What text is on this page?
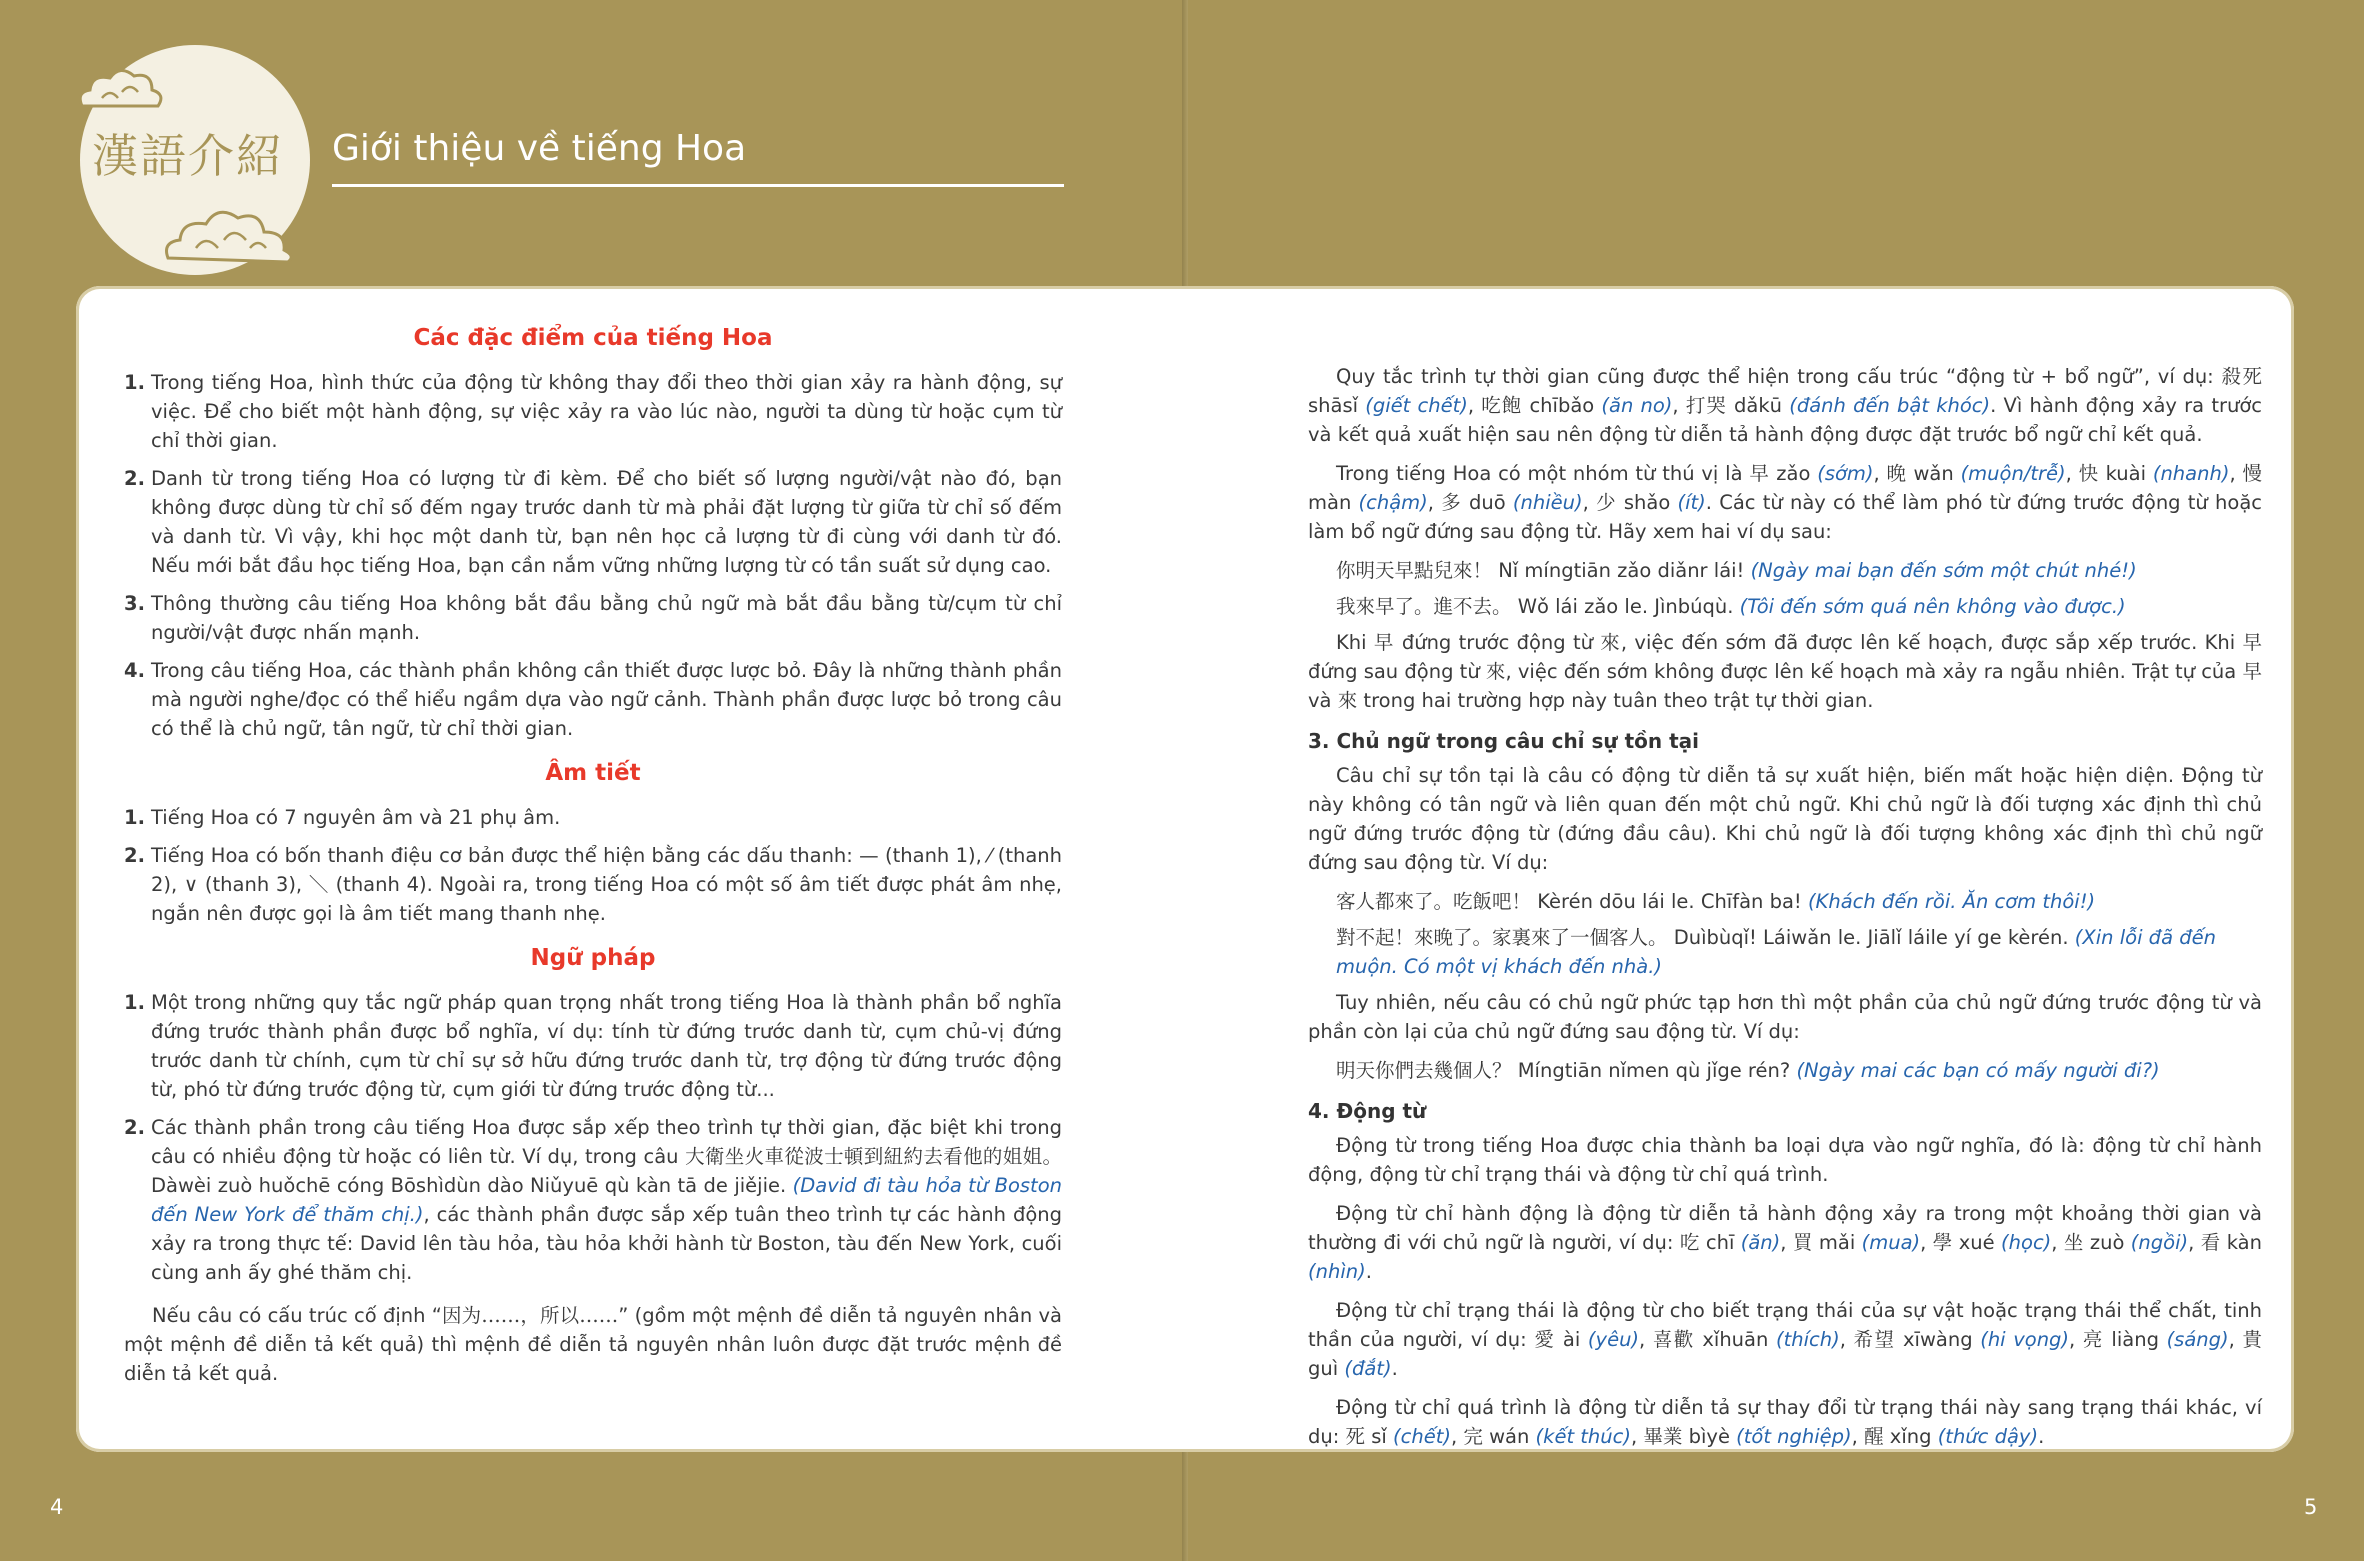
漢語介紹 Giới thiệu về tiếng Hoa
Các đặc điểm của tiếng Hoa
1. Trong tiếng Hoa, hình thức của động từ không thay đổi theo thời gian xảy ra hành động, sự việc. Để cho biết một hành động, sự việc xảy ra vào lúc nào, người ta dùng từ hoặc cụm từ chỉ thời gian.
2. Danh từ trong tiếng Hoa có lượng từ đi kèm. Để cho biết số lượng người/vật nào đó, bạn không được dùng từ chỉ số đếm ngay trước danh từ mà phải đặt lượng từ giữa từ chỉ số đếm và danh từ. Vì vậy, khi học một danh từ, bạn nên học cả lượng từ đi cùng với danh từ đó. Nếu mới bắt đầu học tiếng Hoa, bạn cần nắm vững những lượng từ có tần suất sử dụng cao.
3. Thông thường câu tiếng Hoa không bắt đầu bằng chủ ngữ mà bắt đầu bằng từ/cụm từ chỉ người/vật được nhấn mạnh.
4. Trong câu tiếng Hoa, các thành phần không cần thiết được lược bỏ. Đây là những thành phần mà người nghe/đọc có thể hiểu ngầm dựa vào ngữ cảnh. Thành phần được lược bỏ trong câu có thể là chủ ngữ, tân ngữ, từ chỉ thời gian.
Âm tiết
1. Tiếng Hoa có 7 nguyên âm và 21 phụ âm.
2. Tiếng Hoa có bốn thanh điệu cơ bản được thể hiện bằng các dấu thanh: — (thanh 1), ⁄ (thanh 2), ∨ (thanh 3), ＼ (thanh 4). Ngoài ra, trong tiếng Hoa có một số âm tiết được phát âm nhẹ, ngắn nên được gọi là âm tiết mang thanh nhẹ.
Ngữ pháp
1. Một trong những quy tắc ngữ pháp quan trọng nhất trong tiếng Hoa là thành phần bổ nghĩa đứng trước thành phần được bổ nghĩa, ví dụ: tính từ đứng trước danh từ, cụm chủ-vị đứng trước danh từ chính, cụm từ chỉ sự sở hữu đứng trước danh từ, trợ động từ đứng trước động từ, phó từ đứng trước động từ, cụm giới từ đứng trước động từ...
2. Các thành phần trong câu tiếng Hoa được sắp xếp theo trình tự thời gian, đặc biệt khi trong câu có nhiều động từ hoặc có liên từ. Ví dụ, trong câu 大衛坐火車從波士頓到紐約去看他的姐姐。 Dàwèi zuò huǒchē cóng Bōshìdùn dào Niǔyuē qù kàn tā de jiějie. (David đi tàu hỏa từ Boston đến New York để thăm chị.), các thành phần được sắp xếp tuân theo trình tự các hành động xảy ra trong thực tế: David lên tàu hỏa, tàu hỏa khởi hành từ Boston, tàu đến New York, cuối cùng anh ấy ghé thăm chị.

Nếu câu có cấu trúc cố định “因为……，所以……” (gồm một mệnh đề diễn tả nguyên nhân và một mệnh đề diễn tả kết quả) thì mệnh đề diễn tả nguyên nhân luôn được đặt trước mệnh đề diễn tả kết quả.

Quy tắc trình tự thời gian cũng được thể hiện trong cấu trúc “động từ + bổ ngữ”, ví dụ: 殺死 shāsǐ (giết chết), 吃飽 chībǎo (ăn no), 打哭 dǎkū (đánh đến bật khóc). Vì hành động xảy ra trước và kết quả xuất hiện sau nên động từ diễn tả hành động được đặt trước bổ ngữ chỉ kết quả.

Trong tiếng Hoa có một nhóm từ thú vị là 早 zǎo (sớm), 晚 wǎn (muộn/trễ), 快 kuài (nhanh), 慢 màn (chậm), 多 duō (nhiều), 少 shǎo (ít). Các từ này có thể làm phó từ đứng trước động từ hoặc làm bổ ngữ đứng sau động từ. Hãy xem hai ví dụ sau:

你明天早點兒來！ Nǐ míngtiān zǎo diǎnr lái! (Ngày mai bạn đến sớm một chút nhé!)

我來早了。進不去。 Wǒ lái zǎo le. Jìnbúqù. (Tôi đến sớm quá nên không vào được.)

Khi 早 đứng trước động từ 來, việc đến sớm đã được lên kế hoạch, được sắp xếp trước. Khi 早 đứng sau động từ 來, việc đến sớm không được lên kế hoạch mà xảy ra ngẫu nhiên. Trật tự của 早 và 來 trong hai trường hợp này tuân theo trật tự thời gian.

3. Chủ ngữ trong câu chỉ sự tồn tại

Câu chỉ sự tồn tại là câu có động từ diễn tả sự xuất hiện, biến mất hoặc hiện diện. Động từ này không có tân ngữ và liên quan đến một chủ ngữ. Khi chủ ngữ là đối tượng xác định thì chủ ngữ đứng trước động từ (đứng đầu câu). Khi chủ ngữ là đối tượng không xác định thì chủ ngữ đứng sau động từ. Ví dụ:

客人都來了。吃飯吧！ Kèrén dōu lái le. Chīfàn ba! (Khách đến rồi. Ăn cơm thôi!)

對不起！來晚了。家裏來了一個客人。 Duìbùqǐ! Láiwǎn le. Jiālǐ láile yí ge kèrén. (Xin lỗi đã đến muộn. Có một vị khách đến nhà.)

Tuy nhiên, nếu câu có chủ ngữ phức tạp hơn thì một phần của chủ ngữ đứng trước động từ và phần còn lại của chủ ngữ đứng sau động từ. Ví dụ:

明天你們去幾個人？ Míngtiān nǐmen qù jǐge rén? (Ngày mai các bạn có mấy người đi?)

4. Động từ

Động từ trong tiếng Hoa được chia thành ba loại dựa vào ngữ nghĩa, đó là: động từ chỉ hành động, động từ chỉ trạng thái và động từ chỉ quá trình.

Động từ chỉ hành động là động từ diễn tả hành động xảy ra trong một khoảng thời gian và thường đi với chủ ngữ là người, ví dụ: 吃 chī (ăn), 買 mǎi (mua), 學 xué (học), 坐 zuò (ngồi), 看 kàn (nhìn).

Động từ chỉ trạng thái là động từ cho biết trạng thái của sự vật hoặc trạng thái thể chất, tinh thần của người, ví dụ: 愛 ài (yêu), 喜歡 xǐhuān (thích), 希望 xīwàng (hi vọng), 亮 liàng (sáng), 貴 guì (đắt).

Động từ chỉ quá trình là động từ diễn tả sự thay đổi từ trạng thái này sang trạng thái khác, ví dụ: 死 sǐ (chết), 完 wán (kết thúc), 畢業 bìyè (tốt nghiệp), 醒 xǐng (thức dậy).

4	5
